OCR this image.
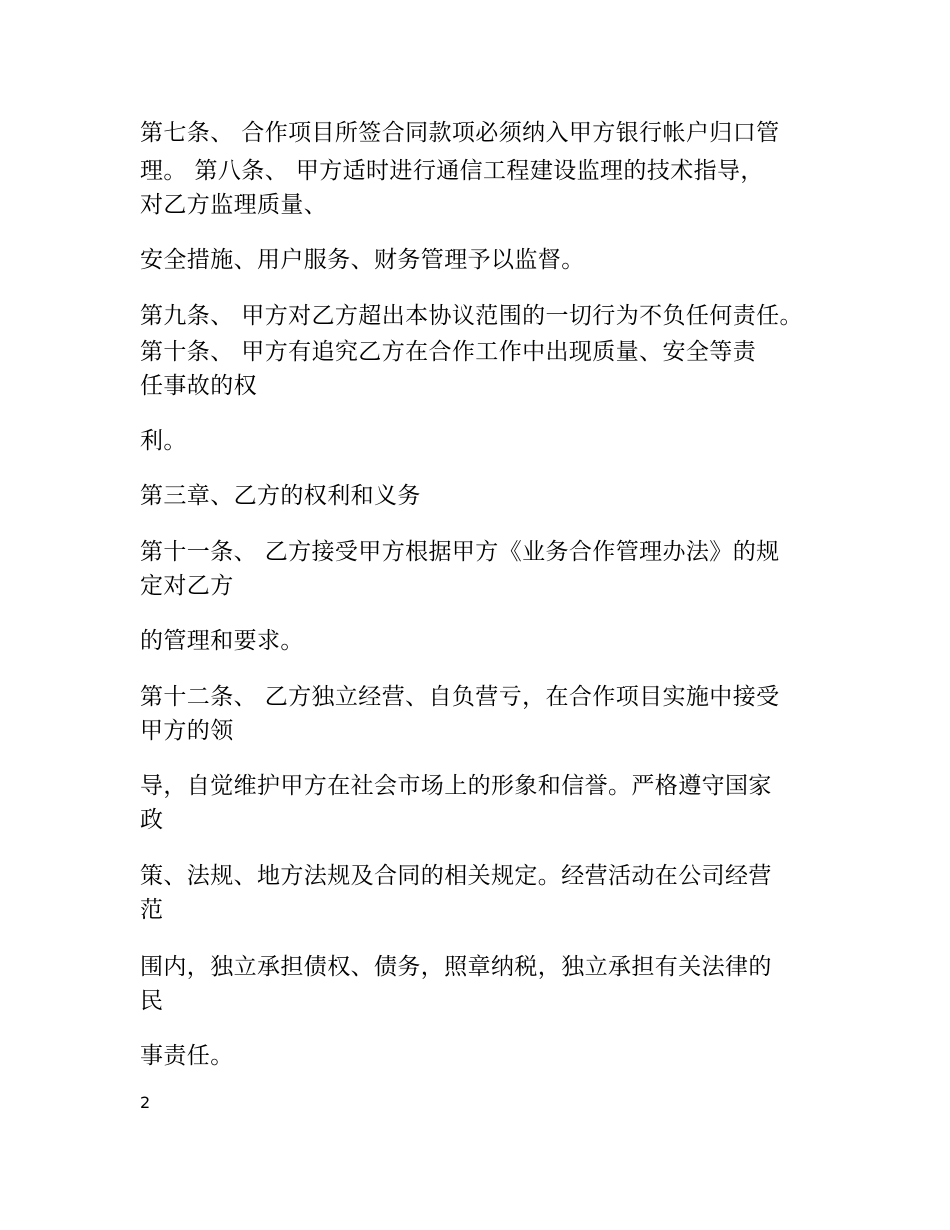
第七条、 合作项目所签合同款项必须纳入甲方银行帐户归口管
理。 第八条、 甲方适时进行通信工程建设监理的技术指导，
对乙方监理质量、
安全措施、用户服务、财务管理予以监督。
第九条、 甲方对乙方超出本协议范围的一切行为不负任何责任。
第十条、 甲方有追究乙方在合作工作中出现质量、安全等责
任事故的权
利。
第三章、乙方的权利和义务
第十一条、 乙方接受甲方根据甲方《业务合作管理办法》的规
定对乙方
的管理和要求。
第十二条、 乙方独立经营、自负营亏，在合作项目实施中接受
甲方的领
导，自觉维护甲方在社会市场上的形象和信誉。严格遵守国家
政
策、法规、地方法规及合同的相关规定。经营活动在公司经营
范
围内，独立承担债权、债务，照章纳税，独立承担有关法律的
民
事责任。
2
